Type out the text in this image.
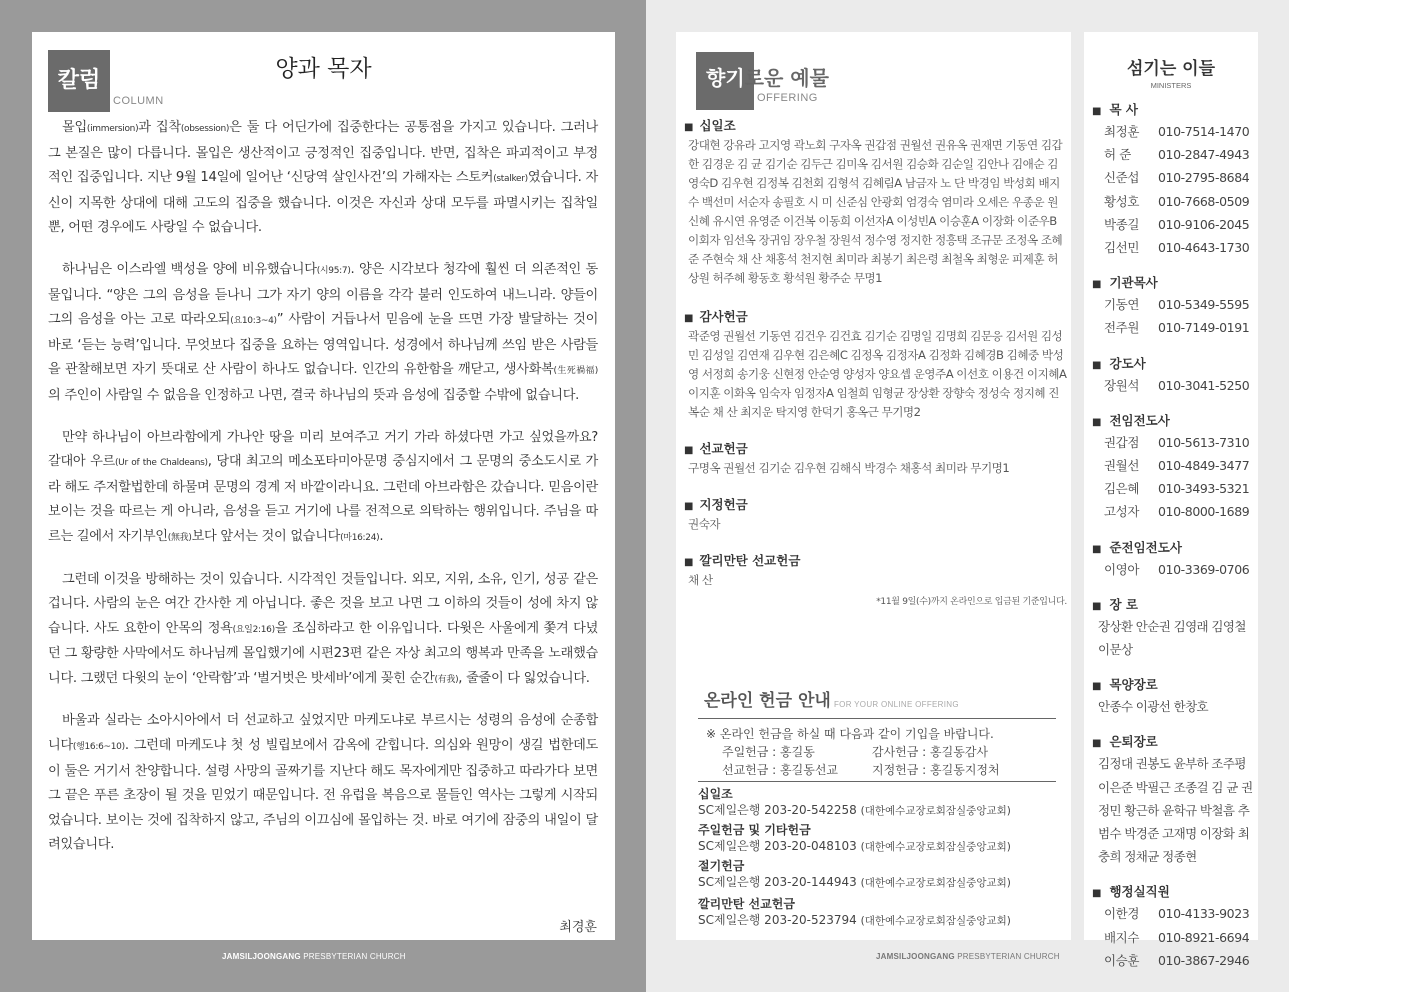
칼럼
COLUMN
양과 목자

몰입(immersion)과 집착(obsession)은 둘 다 어딘가에 집중한다는 공통점을 가지고 있습니다. 그러나 그 본질은 많이 다릅니다. 몰입은 생산적이고 긍정적인 집중입니다. 반면, 집착은 파괴적이고 부정적인 집중입니다. 지난 9월 14일에 일어난 ‘신당역 살인사건’의 가해자는 스토커(stalker)였습니다. 자신이 지목한 상대에 대해 고도의 집중을 했습니다. 이것은 자신과 상대 모두를 파멸시키는 집착일 뿐, 어떤 경우에도 사랑일 수 없습니다.

하나님은 이스라엘 백성을 양에 비유했습니다(시95:7). 양은 시각보다 청각에 훨씬 더 의존적인 동물입니다. “양은 그의 음성을 듣나니 그가 자기 양의 이름을 각각 불러 인도하여 내느니라. 양들이 그의 음성을 아는 고로 따라오되(요10:3~4)” 사람이 거듭나서 믿음에 눈을 뜨면 가장 발달하는 것이 바로 ‘듣는 능력’입니다. 무엇보다 집중을 요하는 영역입니다. 성경에서 하나님께 쓰임 받은 사람들을 관찰해보면 자기 뜻대로 산 사람이 하나도 없습니다. 인간의 유한함을 깨닫고, 생사화복(生死禍福)의 주인이 사람일 수 없음을 인정하고 나면, 결국 하나님의 뜻과 음성에 집중할 수밖에 없습니다.

만약 하나님이 아브라함에게 가나안 땅을 미리 보여주고 거기 가라 하셨다면 가고 싶었을까요? 갈대아 우르(Ur of the Chaldeans), 당대 최고의 메소포타미아문명 중심지에서 그 문명의 중소도시로 가라 해도 주저할법한데 하물며 문명의 경계 저 바깥이라니요. 그런데 아브라함은 갔습니다. 믿음이란 보이는 것을 따르는 게 아니라, 음성을 듣고 거기에 나를 전적으로 의탁하는 행위입니다. 주님을 따르는 길에서 자기부인(無我)보다 앞서는 것이 없습니다(마16:24).

그런데 이것을 방해하는 것이 있습니다. 시각적인 것들입니다. 외모, 지위, 소유, 인기, 성공 같은 겁니다. 사람의 눈은 여간 간사한 게 아닙니다. 좋은 것을 보고 나면 그 이하의 것들이 성에 차지 않습니다. 사도 요한이 안목의 정욕(요일2:16)을 조심하라고 한 이유입니다. 다윗은 사울에게 쫓겨 다녔던 그 황량한 사막에서도 하나님께 몰입했기에 시편23편 같은 자상 최고의 행복과 만족을 노래했습니다. 그랬던 다윗의 눈이 ‘안락함’과 ‘벌거벗은 밧세바’에게 꽂힌 순간(有我), 줄줄이 다 잃었습니다.

바울과 실라는 소아시아에서 더 선교하고 싶었지만 마케도냐로 부르시는 성령의 음성에 순종합니다(행16:6~10). 그런데 마케도냐 첫 성 빌립보에서 감옥에 갇힙니다. 의심와 원망이 생길 법한데도 이 둘은 거기서 찬양합니다. 설령 사망의 골짜기를 지난다 해도 목자에게만 집중하고 따라가다 보면 그 끝은 푸른 초장이 될 것을 믿었기 때문입니다. 전 유럽을 복음으로 물들인 역사는 그렇게 시작되었습니다. 보이는 것에 집착하지 않고, 주님의 이끄심에 몰입하는 것. 바로 여기에 잠중의 내일이 달려있습니다.

최경훈
JAMSILJOONGANG PRESBYTERIAN CHURCH
향기로운 예물
OFFERING
■ 십일조
강대현 강유라 고지영 곽노회 구자옥 권갑점 권월선 권유옥 권재면 기동연 김갑한 김경운 김 균 김기순 김두근 김미옥 김서원 김승화 김순일 김안나 김애순 김영숙D 김우현 김정복 김천회 김형석 김혜림A 남금자 노 단 박경임 박성회 배지수 백선미 서순자 송필호 시 미 신준심 안광회 엄경숙 염미라 오세은 우종운 원신혜 유시연 유영준 이건복 이동희 이선자A 이성빈A 이승훈A 이장화 이준우B 이회자 임선옥 장귀임 장우철 장원석 정수영 정지한 정흥택 조규문 조정옥 조혜준 주현숙 채 산 채홍석 천지현 최미라 최봉기 최은령 최철옥 최형운 피제훈 허상원 허주혜 황동호 황석원 황주순 무명1
■ 감사헌금
곽준영 권월선 기동연 김건우 김건효 김기순 김명일 김명희 김문응 김서원 김성민 김성일 김연재 김우현 김은혜C 김정옥 김정자A 김정화 김혜경B 김혜중 박성영 서정희 송기웅 신현정 안순영 양성자 양요셉 운영주A 이선호 이용건 이지혜A 이지훈 이화옥 임숙자 임정자A 임철희 임형균 장상환 장향숙 정성숙 정지혜 진복순 채 산 최지운 탁지영 한덕기 홍옥근 무기명2
■ 선교헌금
구명옥 권월선 김기순 김우현 김해식 박경수 채홍석 최미라 무기명1
■ 지정헌금
권숙자
■ 깔리만탄 선교헌금
채 산
*11월 9일(수)까지 온라인으로 입금된 기준입니다.
온라인 헌금 안내 FOR YOUR ONLINE OFFERING
※ 온라인 헌금을 하실 때 다음과 같이 기입을 바랍니다.
주일헌금 : 홍길동	감사헌금 : 홍길동감사
선교헌금 : 홍길동선교	지정헌금 : 홍길동지정처
십일조
SC제일은행 203-20-542258 (대한예수교장로회잠실중앙교회)
주일헌금 및 기타헌금
SC제일은행 203-20-048103 (대한예수교장로회잠실중앙교회)
절기헌금
SC제일은행 203-20-144943 (대한예수교장로회잠실중앙교회)
깔리만탄 선교헌금
SC제일은행 203-20-523794 (대한예수교장로회잠실중앙교회)
섬기는 이들
MINISTERS
■ 목 사
최정훈 010-7514-1470
허 준 010-2847-4943
신준섭 010-2795-8684
황성호 010-7668-0509
박종길 010-9106-2045
김선민 010-4643-1730
■ 기관목사
기동연 010-5349-5595
전주원 010-7149-0191
■ 강도사
장원석 010-3041-5250
■ 전임전도사
권갑점 010-5613-7310
권월선 010-4849-3477
김은혜 010-3493-5321
고성자 010-8000-1689
■ 준전임전도사
이영아 010-3369-0706
■ 장 로
장상환 안순권 김영래 김영철 이문상
■ 목양장로
안종수 이광선 한창호
■ 은퇴장로
김정대 권봉도 윤부하 조주평 이은준 박필근 조종걸 김 균 권정민 황근하 윤학규 박철흠 추범수 박경준 고재명 이장화 최충희 정채균 정종현
■ 행정실직원
이한경 010-4133-9023
배지수 010-8921-6694
이승훈 010-3867-2946
JAMSILJOONGANG PRESBYTERIAN CHURCH
